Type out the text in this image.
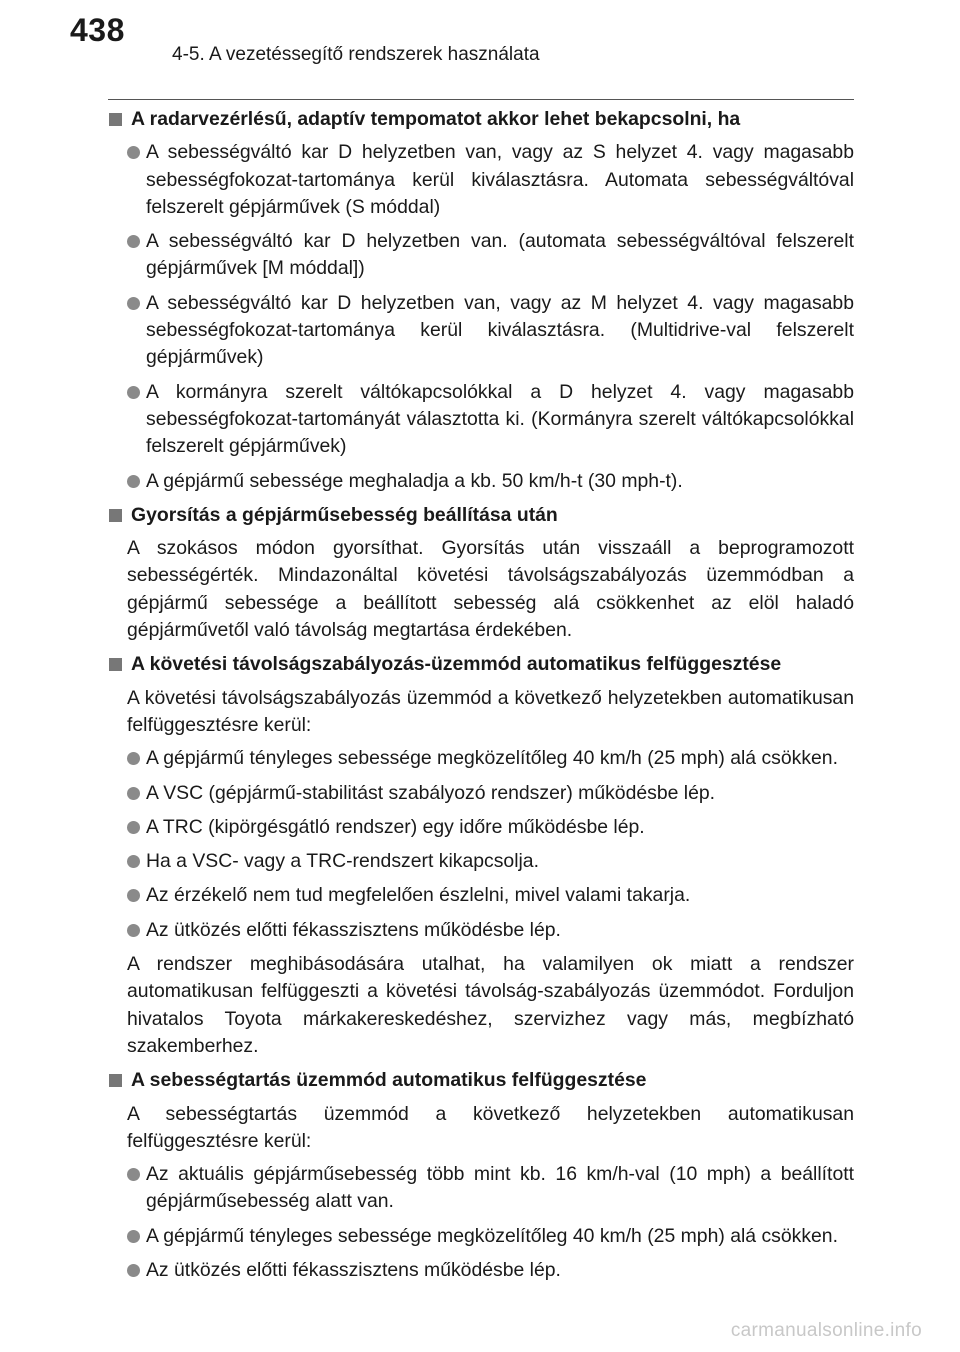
438
4-5. A vezetéssegítő rendszerek használata
A radarvezérlésű, adaptív tempomatot akkor lehet bekapcsolni, ha
A sebességváltó kar D helyzetben van, vagy az S helyzet 4. vagy magasabb sebességfokozat-tartománya kerül kiválasztásra. Automata sebességváltóval felszerelt gépjárművek (S móddal)
A sebességváltó kar D helyzetben van. (automata sebességváltóval felszerelt gépjárművek [M móddal])
A sebességváltó kar D helyzetben van, vagy az M helyzet 4. vagy magasabb sebességfokozat-tartománya kerül kiválasztásra. (Multidrive-val felszerelt gépjárművek)
A kormányra szerelt váltókapcsolókkal a D helyzet 4. vagy magasabb sebességfokozat-tartományát választotta ki. (Kormányra szerelt váltókapcsolókkal felszerelt gépjárművek)
A gépjármű sebessége meghaladja a kb. 50 km/h-t (30 mph-t).
Gyorsítás a gépjárműsebesség beállítása után

A szokásos módon gyorsíthat. Gyorsítás után visszaáll a beprogramozott sebességérték. Mindazonáltal követési távolságszabályozás üzemmódban a gépjármű sebessége a beállított sebesség alá csökkenhet az elöl haladó gépjárművetől való távolság megtartása érdekében.

A követési távolságszabályozás-üzemmód automatikus felfüggesztése

A követési távolságszabályozás üzemmód a következő helyzetekben automatikusan felfüggesztésre kerül:

A gépjármű tényleges sebessége megközelítőleg 40 km/h (25 mph) alá csökken.
A VSC (gépjármű-stabilitást szabályozó rendszer) működésbe lép.
A TRC (kipörgésgátló rendszer) egy időre működésbe lép.
Ha a VSC- vagy a TRC-rendszert kikapcsolja.
Az érzékelő nem tud megfelelően észlelni, mivel valami takarja.
Az ütközés előtti fékasszisztens működésbe lép.

A rendszer meghibásodására utalhat, ha valamilyen ok miatt a rendszer automatikusan felfüggeszti a követési távolság-szabályozás üzemmódot. Forduljon hivatalos Toyota márkakereskedéshez, szervizhez vagy más, megbízható szakemberhez.

A sebességtartás üzemmód automatikus felfüggesztése

A sebességtartás üzemmód a következő helyzetekben automatikusan felfüggesztésre kerül:

Az aktuális gépjárműsebesség több mint kb. 16 km/h-val (10 mph) a beállított gépjárműsebesség alatt van.
A gépjármű tényleges sebessége megközelítőleg 40 km/h (25 mph) alá csökken.
Az ütközés előtti fékasszisztens működésbe lép.
carmanualsonline.info
